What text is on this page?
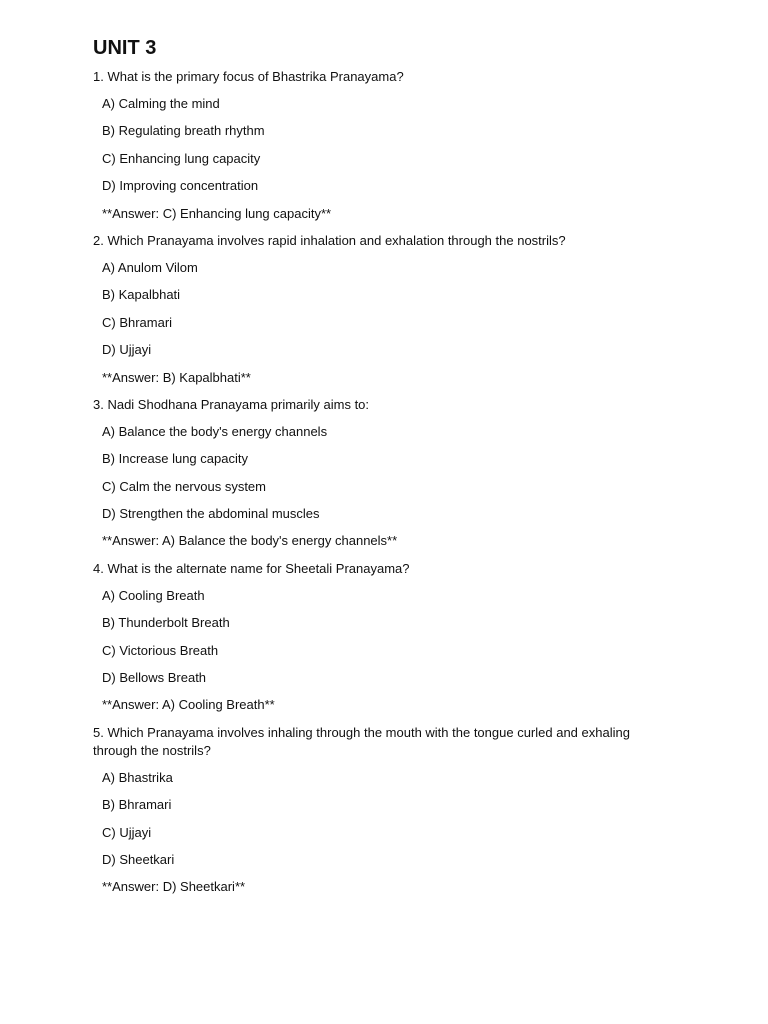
UNIT 3
1. What is the primary focus of Bhastrika Pranayama?
A) Calming the mind
B) Regulating breath rhythm
C) Enhancing lung capacity
D) Improving concentration
**Answer: C) Enhancing lung capacity**
2. Which Pranayama involves rapid inhalation and exhalation through the nostrils?
A) Anulom Vilom
B) Kapalbhati
C) Bhramari
D) Ujjayi
**Answer: B) Kapalbhati**
3. Nadi Shodhana Pranayama primarily aims to:
A) Balance the body's energy channels
B) Increase lung capacity
C) Calm the nervous system
D) Strengthen the abdominal muscles
**Answer: A) Balance the body's energy channels**
4. What is the alternate name for Sheetali Pranayama?
A) Cooling Breath
B) Thunderbolt Breath
C) Victorious Breath
D) Bellows Breath
**Answer: A) Cooling Breath**
5. Which Pranayama involves inhaling through the mouth with the tongue curled and exhaling through the nostrils?
A) Bhastrika
B) Bhramari
C) Ujjayi
D) Sheetkari
**Answer: D) Sheetkari**
